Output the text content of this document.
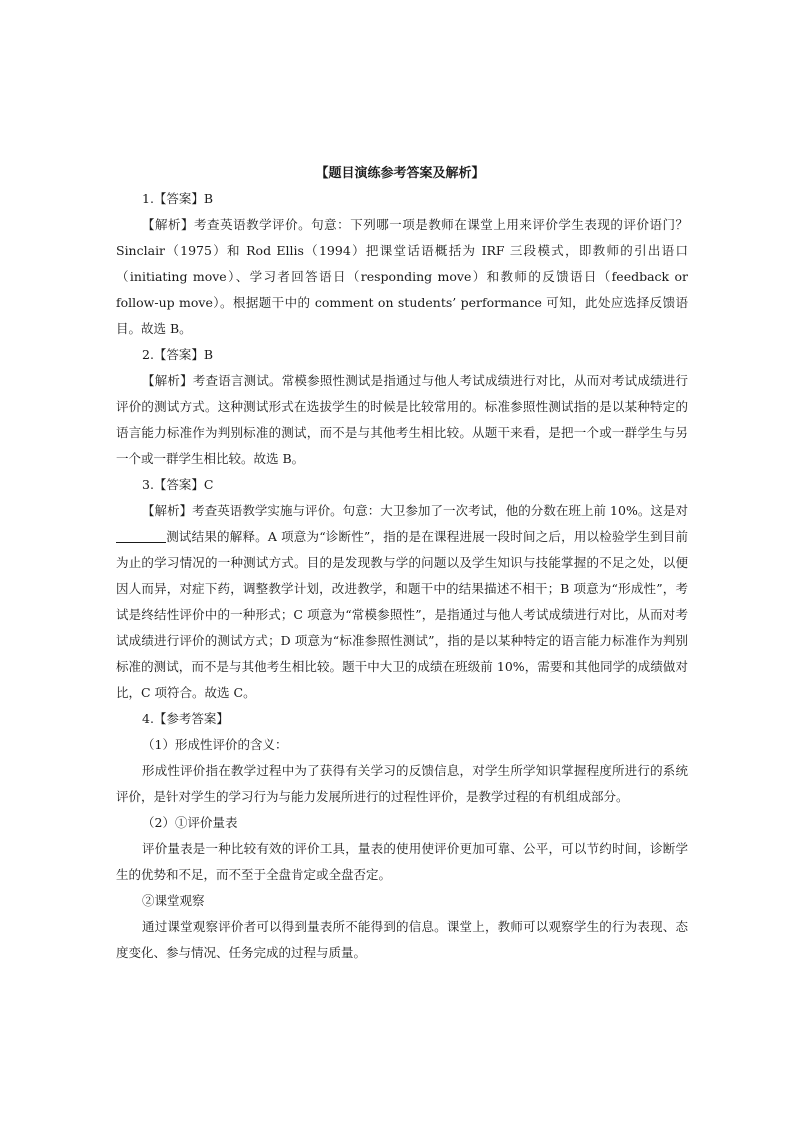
【题目演练参考答案及解析】

1.【答案】B

【解析】考查英语教学评价。句意：下列哪一项是教师在课堂上用来评价学生表现的评价语门？Sinclair（1975）和 Rod Ellis（1994）把课堂话语概括为 IRF 三段模式，即教师的引出语口（initiating move）、学习者回答语日（responding move）和教师的反馈语日（feedback or follow-up move）。根据题干中的 comment on students’ performance 可知，此处应选择反馈语目。故选 B。

2.【答案】B

【解析】考查语言测试。常模参照性测试是指通过与他人考试成绩进行对比，从而对考试成绩进行评价的测试方式。这种测试形式在选拔学生的时候是比较常用的。标准参照性测试指的是以某种特定的语言能力标准作为判别标准的测试，而不是与其他考生相比较。从题干来看，是把一个或一群学生与另一个或一群学生相比较。故选 B。

3.【答案】C

【解析】考查英语教学实施与评价。句意：大卫参加了一次考试，他的分数在班上前 10%。这是对测试结果的解释。A 项意为“诊断性”，指的是在课程进展一段时间之后，用以检验学生到目前为止的学习情况的一种测试方式。目的是发现教与学的问题以及学生知识与技能掌握的不足之处，以便因人而异，对症下药，调整教学计划，改进教学，和题干中的结果描述不相干；B 项意为“形成性”，考试是终结性评价中的一种形式；C 项意为“常模参照性”，是指通过与他人考试成绩进行对比，从而对考试成绩进行评价的测试方式；D 项意为“标准参照性测试”，指的是以某种特定的语言能力标准作为判别标准的测试，而不是与其他考生相比较。题干中大卫的成绩在班级前 10%，需要和其他同学的成绩做对比，C 项符合。故选 C。

4.【参考答案】

（1）形成性评价的含义：

形成性评价指在教学过程中为了获得有关学习的反馈信息，对学生所学知识掌握程度所进行的系统评价，是针对学生的学习行为与能力发展所进行的过程性评价，是教学过程的有机组成部分。

（2）①评价量表

评价量表是一种比较有效的评价工具，量表的使用使评价更加可靠、公平，可以节约时间，诊断学生的优势和不足，而不至于全盘肯定或全盘否定。

②课堂观察

通过课堂观察评价者可以得到量表所不能得到的信息。课堂上，教师可以观察学生的行为表现、态度变化、参与情况、任务完成的过程与质量。
